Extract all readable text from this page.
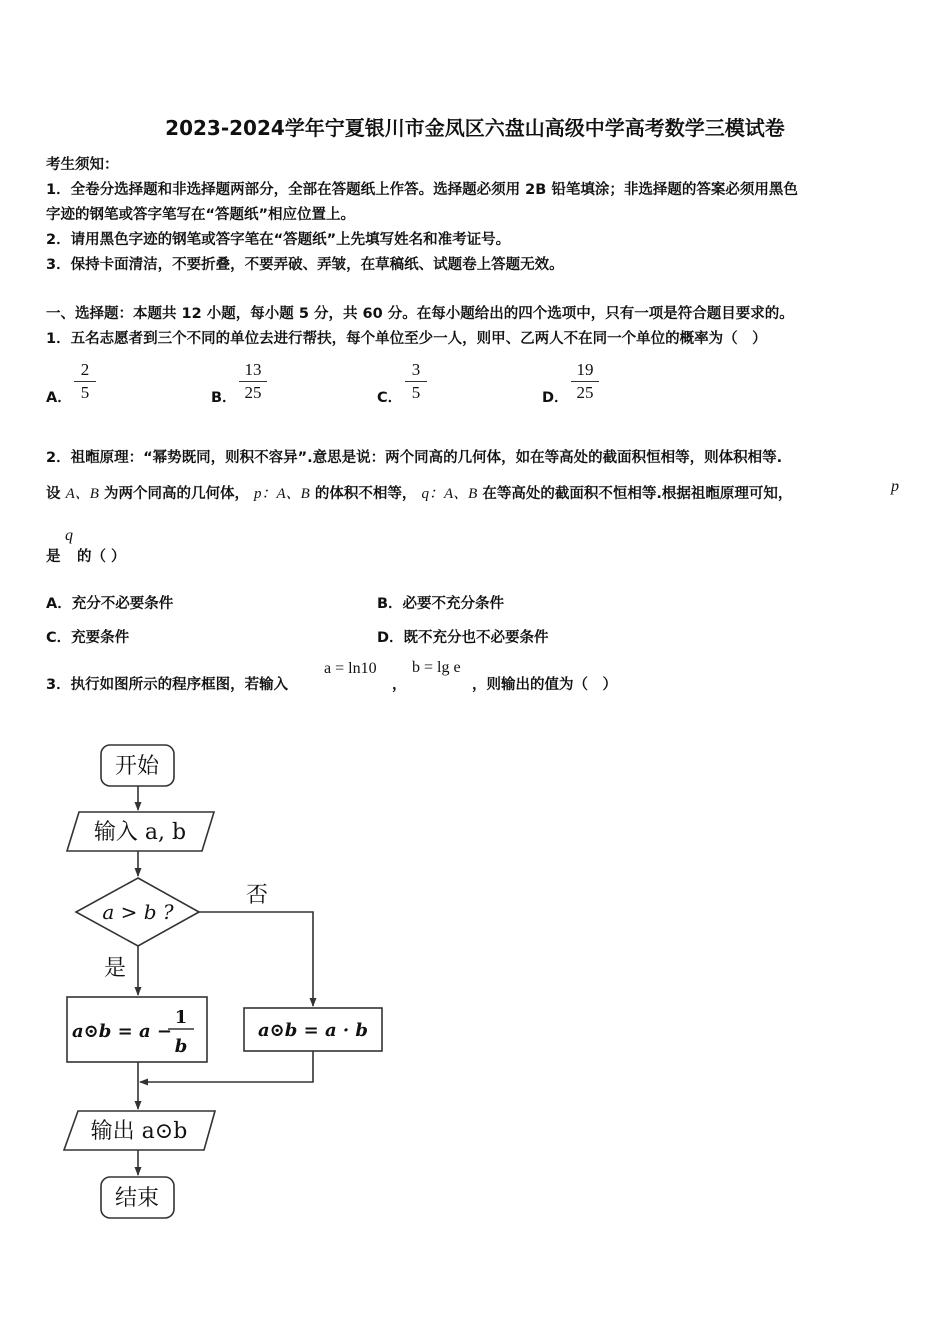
2023-2024学年宁夏银川市金凤区六盘山高级中学高考数学三模试卷
考生须知：
1．全卷分选择题和非选择题两部分，全部在答题纸上作答。选择题必须用 2B 铅笔填涂；非选择题的答案必须用黑色
字迹的钢笔或答字笔写在“答题纸”相应位置上。
2．请用黑色字迹的钢笔或答字笔在“答题纸”上先填写姓名和准考证号。
3．保持卡面清洁，不要折叠，不要弄破、弄皱，在草稿纸、试题卷上答题无效。
一、选择题：本题共 12 小题，每小题 5 分，共 60 分。在每小题给出的四个选项中，只有一项是符合题目要求的。
1．五名志愿者到三个不同的单位去进行帮扶，每个单位至少一人，则甲、乙两人不在同一个单位的概率为（　）
A．
2
5	B．
13
25	C．
3
5	D．
19
25
2．祖暅原理：“幂势既同，则积不容异”.意思是说：两个同高的几何体，如在等高处的截面积恒相等，则体积相等.
设 A、B 为两个同高的几何体， p：A、B 的体积不相等， q：A、B 在等高处的截面积不恒相等.根据祖暅原理可知，	p
是
q
的（ ）
A．充分不必要条件	B．必要不充分条件
C．充要条件	D．既不充分也不必要条件
3．执行如图所示的程序框图，若输入
a = ln10
，
b = lg e
，则输出的值为（　）
开始
输入 a, b
a > b ?
否
是
a⊙b = a −
1
b
a⊙b = a · b
输出 a⊙b
结束
